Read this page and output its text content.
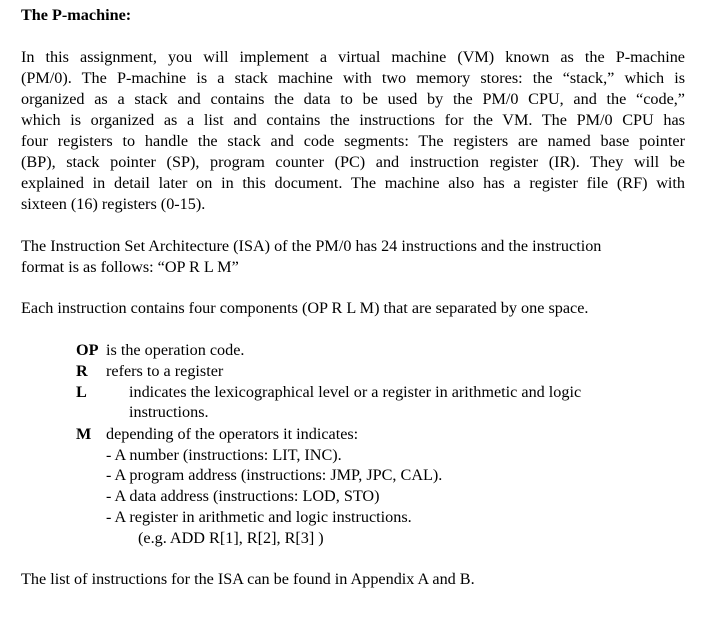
The P-machine:
In this assignment, you will implement a virtual machine (VM) known as the P-machine
(PM/0). The P-machine is a stack machine with two memory stores: the “stack,” which is
organized as a stack and contains the data to be used by the PM/0 CPU, and the “code,”
which is organized as a list and contains the instructions for the VM. The PM/0 CPU has
four registers to handle the stack and code segments: The registers are named base pointer
(BP), stack pointer (SP), program counter (PC) and instruction register (IR). They will be
explained in detail later on in this document. The machine also has a register file (RF) with
sixteen (16) registers (0-15).
The Instruction Set Architecture (ISA) of the PM/0 has 24 instructions and the instruction
format is as follows: “OP R L M”
Each instruction contains four components (OP R L M) that are separated by one space.
OP is the operation code.
R refers to a register
L	indicates the lexicographical level or a register in arithmetic and logic
instructions.
M depending of the operators it indicates:
- A number (instructions: LIT, INC).
- A program address (instructions: JMP, JPC, CAL).
- A data address (instructions: LOD, STO)
- A register in arithmetic and logic instructions.
(e.g. ADD R[1], R[2], R[3] )
The list of instructions for the ISA can be found in Appendix A and B.
